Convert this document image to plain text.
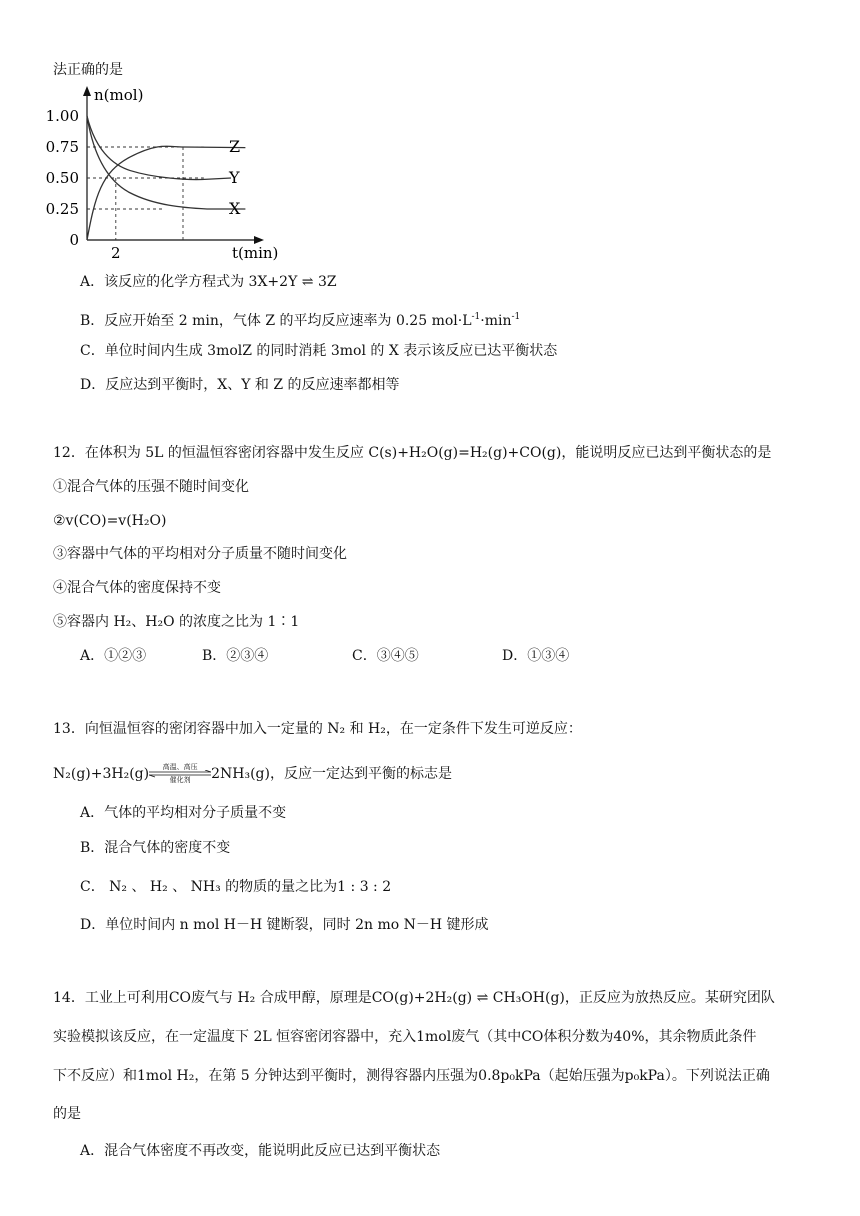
法正确的是
1.00
0.75
0.50
0.25
0
2
n(mol)
t(min)
Z
Y
X
A．该反应的化学方程式为 3X+2Y ⇌ 3Z
B．反应开始至 2 min，气体 Z 的平均反应速率为 0.25 $mol\cdot L^{-1}\cdot\min^{-1}$
C．单位时间内生成 3molZ 的同时消耗 3mol 的 X 表示该反应已达平衡状态
D．反应达到平衡时，X、Y 和 Z 的反应速率都相等
12．在体积为 5L 的恒温恒容密闭容器中发生反应 C(s)+H₂O(g)=H₂(g)+CO(g)，能说明反应已达到平衡状态的是
①混合气体的压强不随时间变化
②v(CO)=v(H₂O)
③容器中气体的平均相对分子质量不随时间变化
④混合气体的密度保持不变
⑤容器内 H₂、H₂O 的浓度之比为 1∶1
A．①②③	B．②③④	C．③④⑤	D．①③④
13．向恒温恒容的密闭容器中加入一定量的 N₂ 和 H₂，在一定条件下发生可逆反应：
N₂(g)+3H₂(g)	高温、高压
催化剂	2NH₃(g)，反应一定达到平衡的标志是
A．气体的平均相对分子质量不变
B．混合气体的密度不变
C． N₂ 、 H₂ 、 NH₃ 的物质的量之比为1 : 3 : 2
D．单位时间内 n mol H－H 键断裂，同时 2n mo N－H 键形成
14．工业上可利用CO废气与 H₂ 合成甲醇，原理是CO(g)+2H₂(g) ⇌ CH₃OH(g)，正反应为放热反应。某研究团队
实验模拟该反应，在一定温度下 2L 恒容密闭容器中，充入1mol废气（其中CO体积分数为40%，其余物质此条件
下不反应）和1mol H₂，在第 5 分钟达到平衡时，测得容器内压强为0.8p₀kPa（起始压强为p₀kPa）。下列说法正确
的是
A．混合气体密度不再改变，能说明此反应已达到平衡状态
